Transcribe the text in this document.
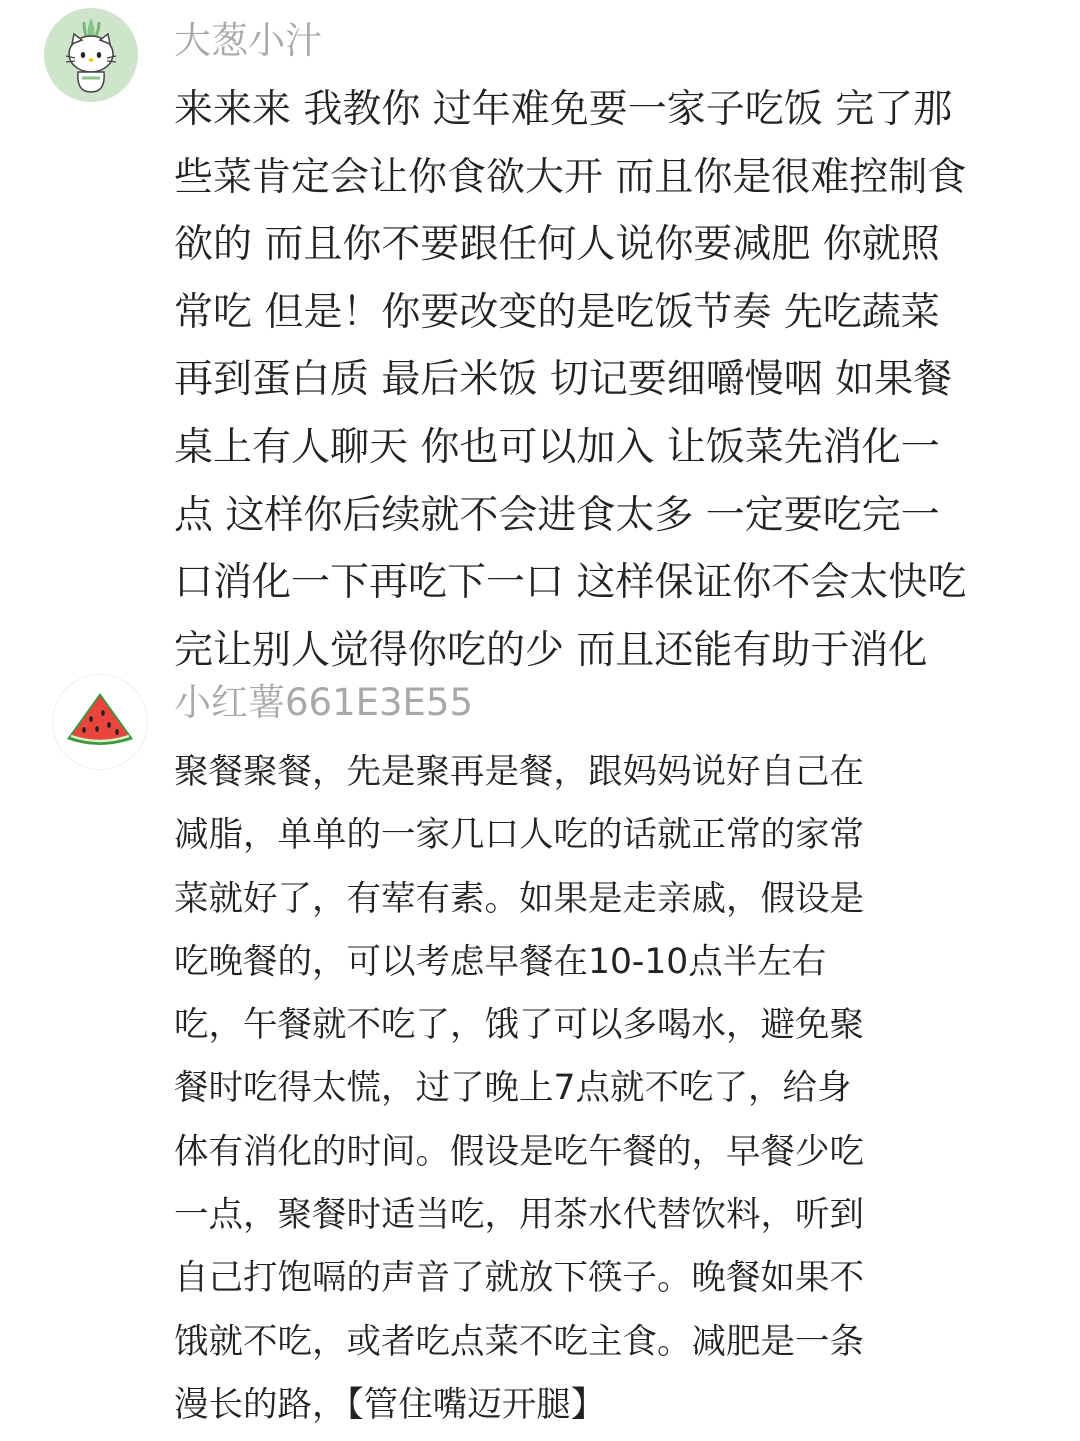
大葱小汁

来来来 我教你 过年难免要一家子吃饭 完了那
些菜肯定会让你食欲大开 而且你是很难控制食
欲的 而且你不要跟任何人说你要减肥 你就照
常吃 但是！你要改变的是吃饭节奏 先吃蔬菜
再到蛋白质 最后米饭 切记要细嚼慢咽 如果餐
桌上有人聊天 你也可以加入 让饭菜先消化一
点 这样你后续就不会进食太多 一定要吃完一
口消化一下再吃下一口 这样保证你不会太快吃
完让别人觉得你吃的少 而且还能有助于消化

小红薯661E3E55

聚餐聚餐，先是聚再是餐，跟妈妈说好自己在
减脂，单单的一家几口人吃的话就正常的家常
菜就好了，有荤有素。如果是走亲戚，假设是
吃晚餐的，可以考虑早餐在10-10点半左右
吃，午餐就不吃了，饿了可以多喝水，避免聚
餐时吃得太慌，过了晚上7点就不吃了，给身
体有消化的时间。假设是吃午餐的，早餐少吃
一点，聚餐时适当吃，用茶水代替饮料，听到
自己打饱嗝的声音了就放下筷子。晚餐如果不
饿就不吃，或者吃点菜不吃主食。减肥是一条
漫长的路，【管住嘴迈开腿】
